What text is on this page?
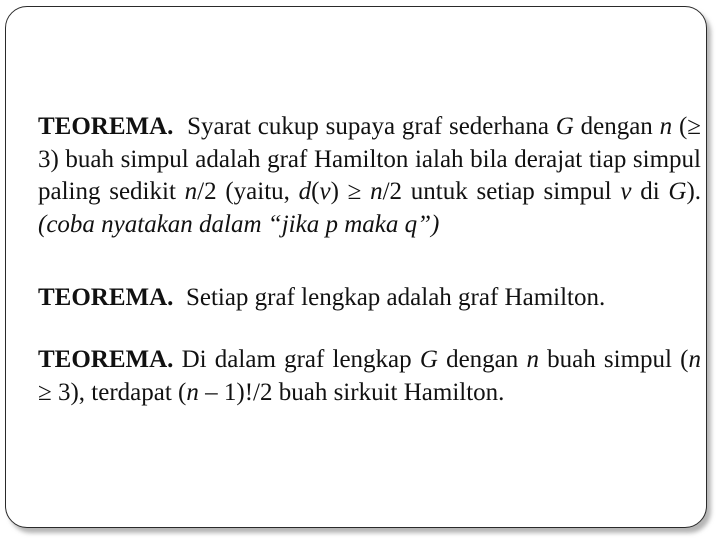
TEOREMA. Syarat cukup supaya graf sederhana G dengan n (≥ 3) buah simpul adalah graf Hamilton ialah bila derajat tiap simpul paling sedikit n/2 (yaitu, d(v) ≥ n/2 untuk setiap simpul v di G). (coba nyatakan dalam “jika p maka q”)
TEOREMA. Setiap graf lengkap adalah graf Hamilton.
TEOREMA. Di dalam graf lengkap G dengan n buah simpul (n ≥ 3), terdapat (n – 1)!/2 buah sirkuit Hamilton.
